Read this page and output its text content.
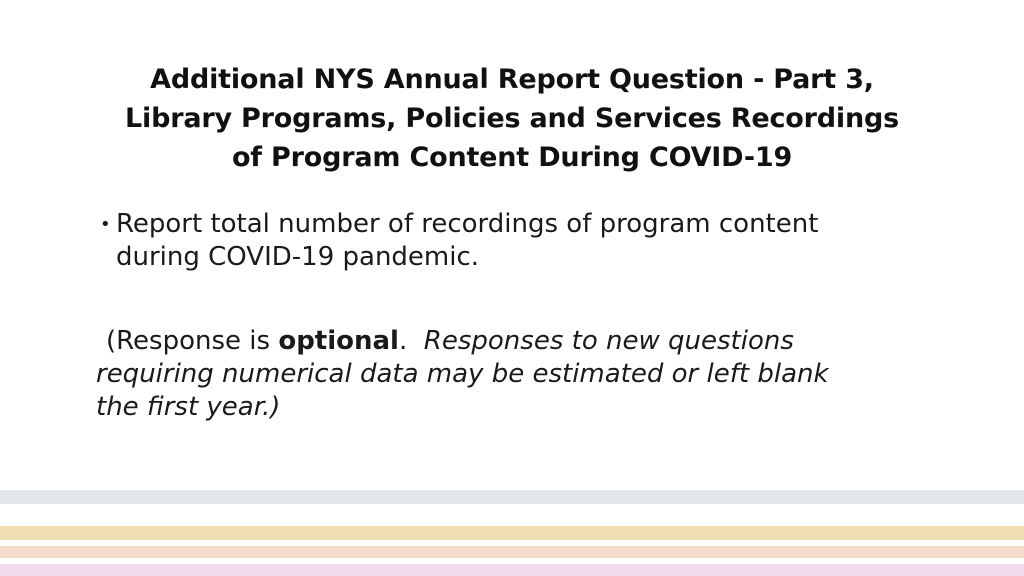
Additional NYS Annual Report Question - Part 3,
Library Programs, Policies and Services Recordings
of Program Content During COVID-19
• Report total number of recordings of program content
during COVID-19 pandemic.
(Response is optional.  Responses to new questions
requiring numerical data may be estimated or left blank
the first year.)
